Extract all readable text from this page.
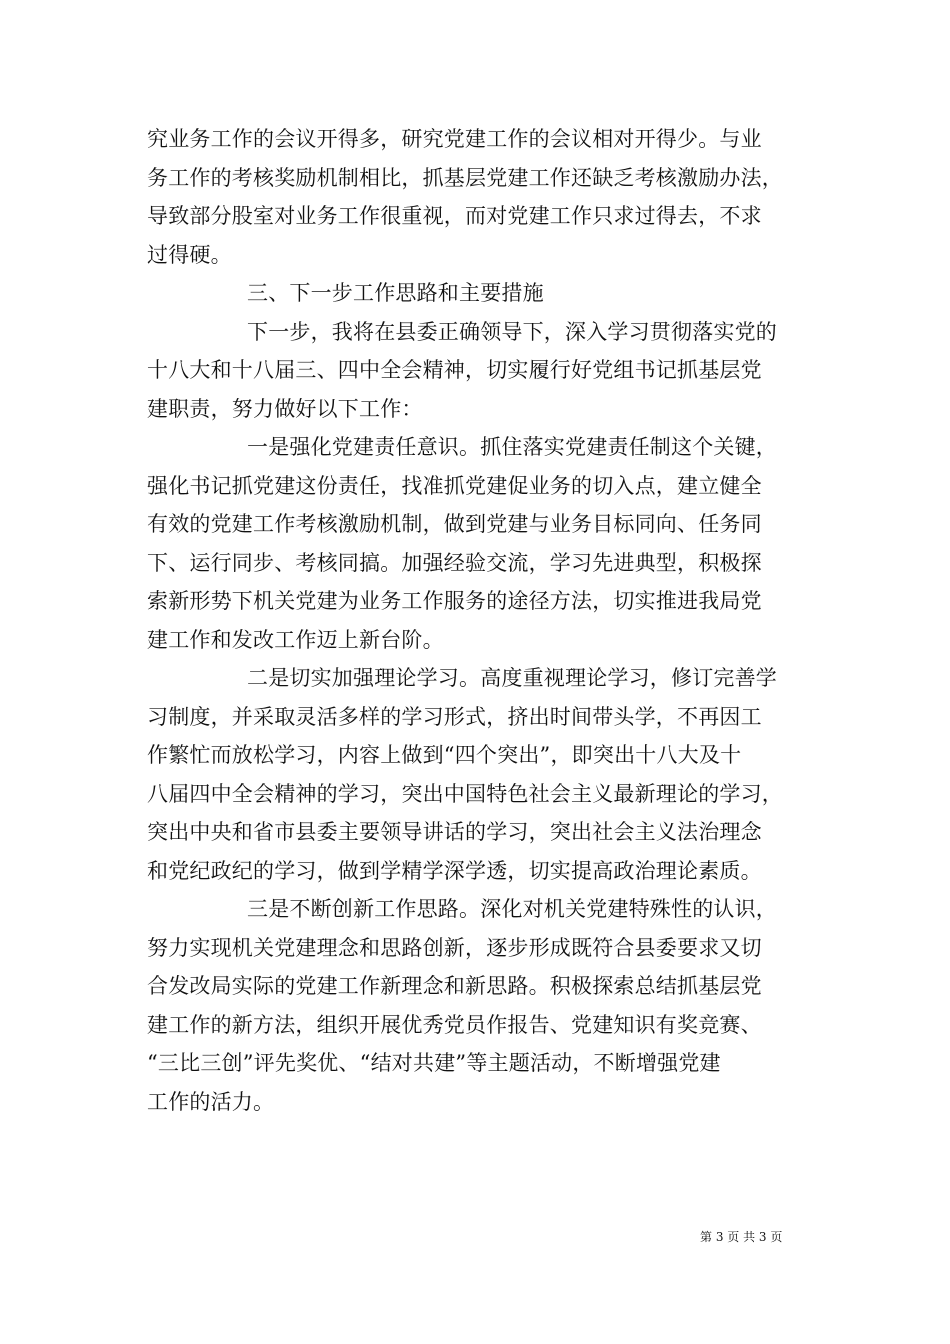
究业务工作的会议开得多，研究党建工作的会议相对开得少。与业
务工作的考核奖励机制相比，抓基层党建工作还缺乏考核激励办法，
导致部分股室对业务工作很重视，而对党建工作只求过得去，不求
过得硬。
三、下一步工作思路和主要措施
下一步，我将在县委正确领导下，深入学习贯彻落实党的
十八大和十八届三、四中全会精神，切实履行好党组书记抓基层党
建职责，努力做好以下工作：
一是强化党建责任意识。抓住落实党建责任制这个关键，
强化书记抓党建这份责任，找准抓党建促业务的切入点，建立健全
有效的党建工作考核激励机制，做到党建与业务目标同向、任务同
下、运行同步、考核同搞。加强经验交流，学习先进典型，积极探
索新形势下机关党建为业务工作服务的途径方法，切实推进我局党
建工作和发改工作迈上新台阶。
二是切实加强理论学习。高度重视理论学习，修订完善学
习制度，并采取灵活多样的学习形式，挤出时间带头学，不再因工
作繁忙而放松学习，内容上做到“四个突出”，即突出十八大及十
八届四中全会精神的学习，突出中国特色社会主义最新理论的学习，
突出中央和省市县委主要领导讲话的学习，突出社会主义法治理念
和党纪政纪的学习，做到学精学深学透，切实提高政治理论素质。
三是不断创新工作思路。深化对机关党建特殊性的认识，
努力实现机关党建理念和思路创新，逐步形成既符合县委要求又切
合发改局实际的党建工作新理念和新思路。积极探索总结抓基层党
建工作的新方法，组织开展优秀党员作报告、党建知识有奖竞赛、
“三比三创”评先奖优、“结对共建”等主题活动，不断增强党建
工作的活力。
第 3 页 共 3 页
